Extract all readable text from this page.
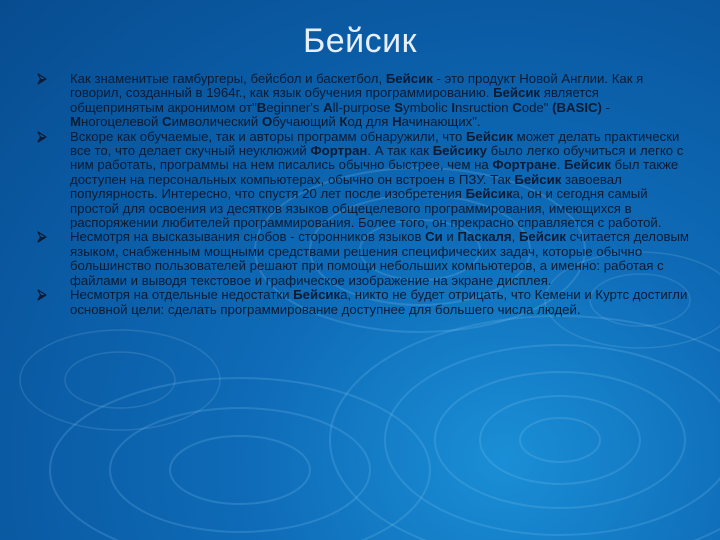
Бейсик
Как знаменитые гамбургеры, бейсбол и баскетбол, Бейсик - это продукт Новой Англии. Как я говорил, созданный в 1964г., как язык обучения программированию. Бейсик является общепринятым акронимом от"Beginner's All-purpose Symbolic Insruction Code" (BASIC) - Многоцелевой Символический Обучающий Код для Начинающих".
Вскоре как обучаемые, так и авторы программ обнаружили, что Бейсик может делать практически все то, что делает скучный неуклюжий Фортран. А так как Бейсику было легко обучиться и легко с ним работать, программы на нем писались обычно быстрее, чем на Фортране. Бейсик был также доступен на персональных компьютерах, обычно он встроен в ПЗУ. Так Бейсик завоевал популярность. Интересно, что спустя 20 лет после изобретения Бейсика, он и сегодня самый простой для освоения из десятков языков общецелевого программирования, имеющихся в распоряжении любителей программирования. Более того, он прекрасно справляется с работой.
Несмотря на высказывания снобов - сторонников языков Си и Паскаля, Бейсик считается деловым языком, снабженным мощными средствами решения специфических задач, которые обычно большинство пользователей решают при помощи небольших компьютеров, а именно: работая с файлами и выводя текстовое и графическое изображение на экране дисплея.
Несмотря на отдельные недостатки Бейсика, никто не будет отрицать, что Кемени и Куртс достигли основной цели: сделать программирование доступнее для большего числа людей.
